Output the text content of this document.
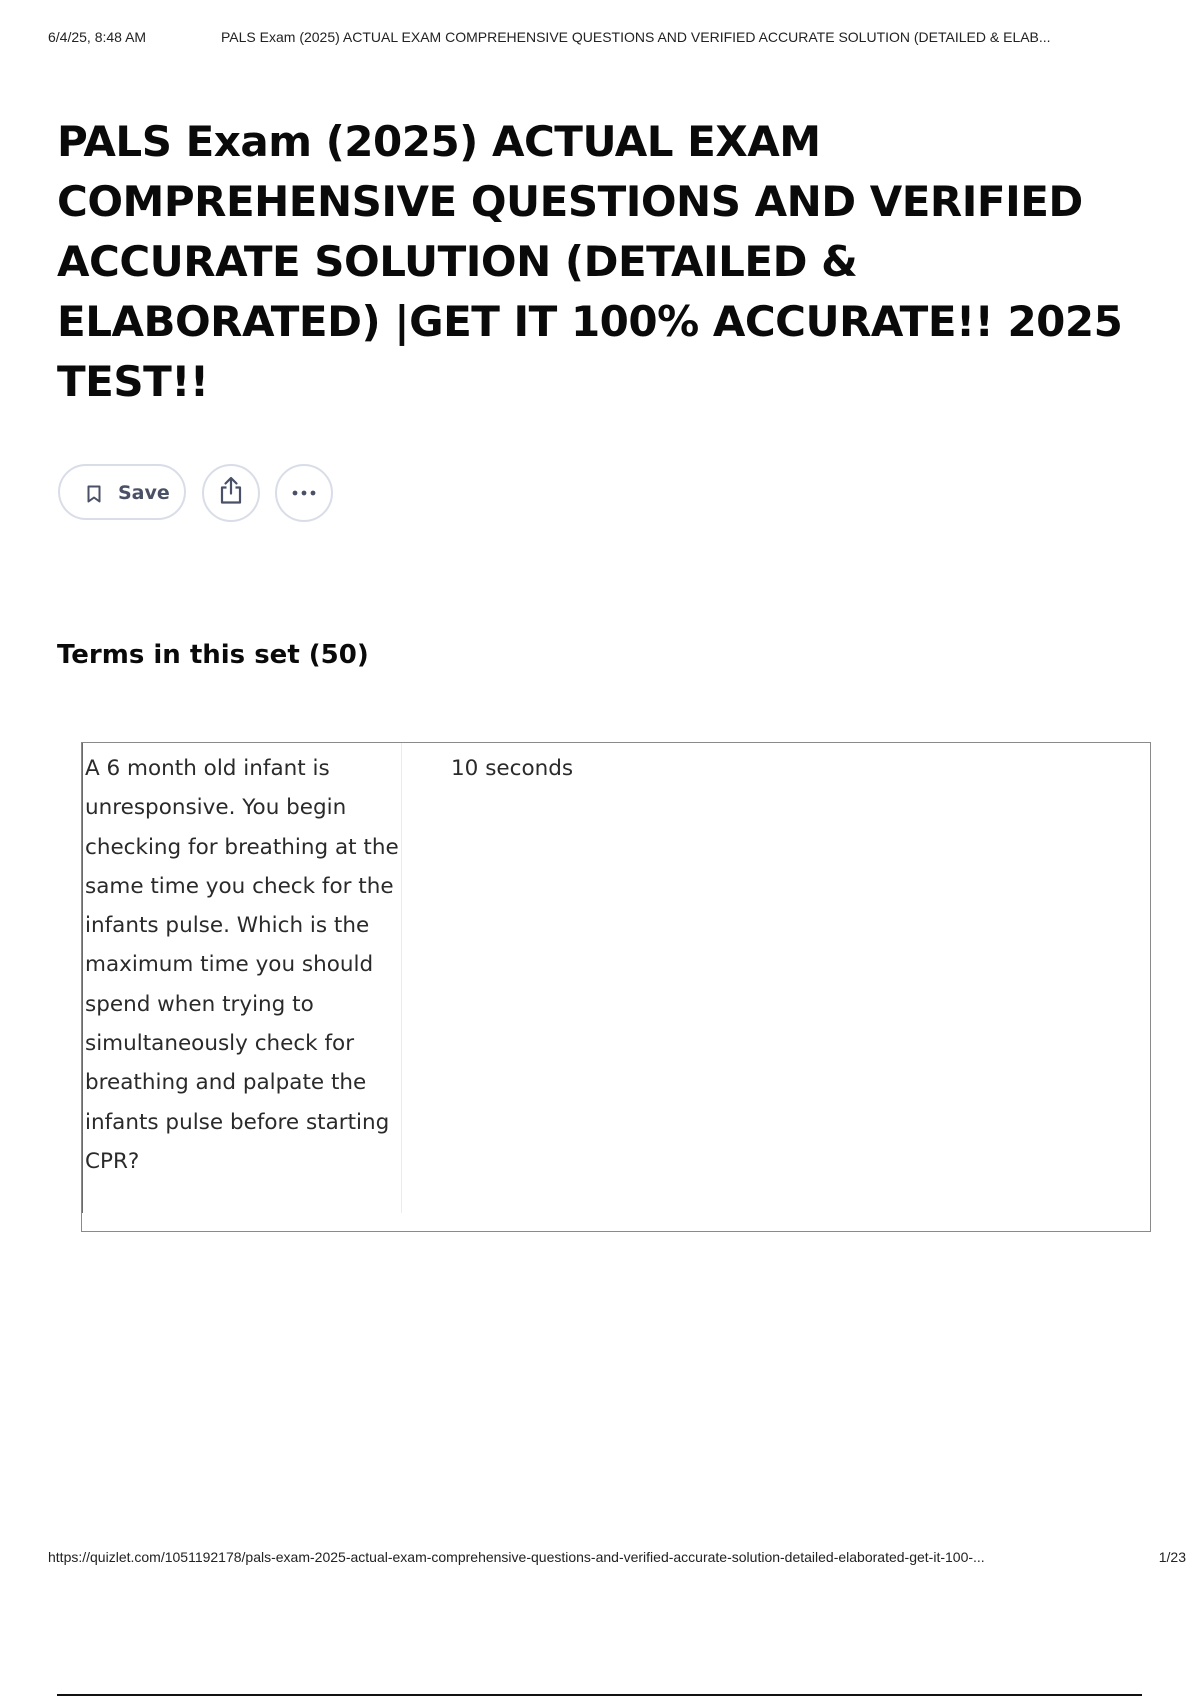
6/4/25, 8:48 AM	PALS Exam (2025) ACTUAL EXAM COMPREHENSIVE QUESTIONS AND VERIFIED ACCURATE SOLUTION (DETAILED & ELAB...
PALS Exam (2025) ACTUAL EXAM COMPREHENSIVE QUESTIONS AND VERIFIED ACCURATE SOLUTION (DETAILED & ELABORATED) |GET IT 100% ACCURATE!! 2025 TEST!!
Save
Terms in this set (50)
A 6 month old infant is unresponsive. You begin checking for breathing at the same time you check for the infants pulse. Which is the maximum time you should spend when trying to simultaneously check for breathing and palpate the infants pulse before starting CPR?
10 seconds
https://quizlet.com/1051192178/pals-exam-2025-actual-exam-comprehensive-questions-and-verified-accurate-solution-detailed-elaborated-get-it-100-...	1/23
